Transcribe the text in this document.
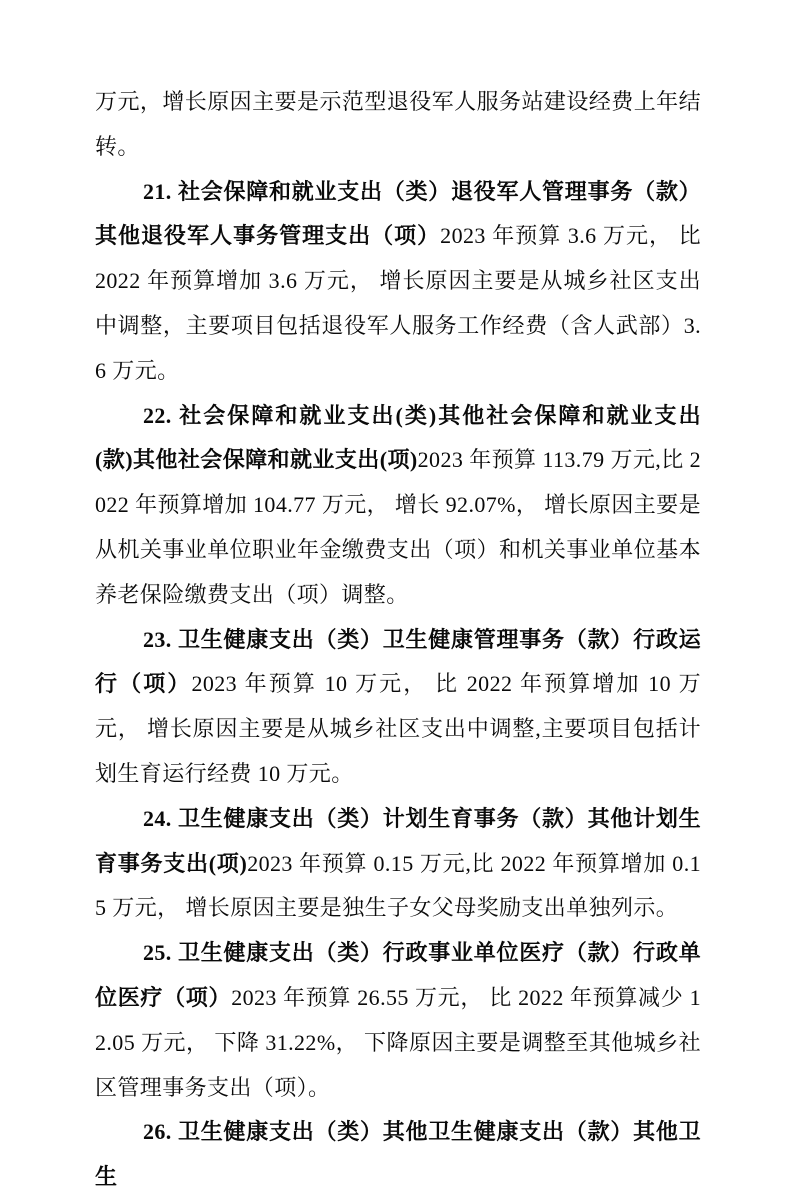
万元，增长原因主要是示范型退役军人服务站建设经费上年结转。

21. 社会保障和就业支出（类）退役军人管理事务（款）其他退役军人事务管理支出（项）2023 年预算 3.6 万元， 比 2022 年预算增加 3.6 万元， 增长原因主要是从城乡社区支出中调整，主要项目包括退役军人服务工作经费（含人武部）3.6 万元。

22. 社会保障和就业支出(类)其他社会保障和就业支出(款)其他社会保障和就业支出(项)2023 年预算 113.79 万元,比 2022 年预算增加 104.77 万元， 增长 92.07%， 增长原因主要是从机关事业单位职业年金缴费支出（项）和机关事业单位基本养老保险缴费支出（项）调整。

23. 卫生健康支出（类）卫生健康管理事务（款）行政运行（项）2023 年预算 10 万元， 比 2022 年预算增加 10 万元， 增长原因主要是从城乡社区支出中调整,主要项目包括计划生育运行经费 10 万元。

24. 卫生健康支出（类）计划生育事务（款）其他计划生育事务支出(项)2023 年预算 0.15 万元,比 2022 年预算增加 0.15 万元， 增长原因主要是独生子女父母奖励支出单独列示。

25. 卫生健康支出（类）行政事业单位医疗（款）行政单位医疗（项）2023 年预算 26.55 万元， 比 2022 年预算减少 12.05 万元， 下降 31.22%， 下降原因主要是调整至其他城乡社区管理事务支出（项）。

26. 卫生健康支出（类）其他卫生健康支出（款）其他卫生
